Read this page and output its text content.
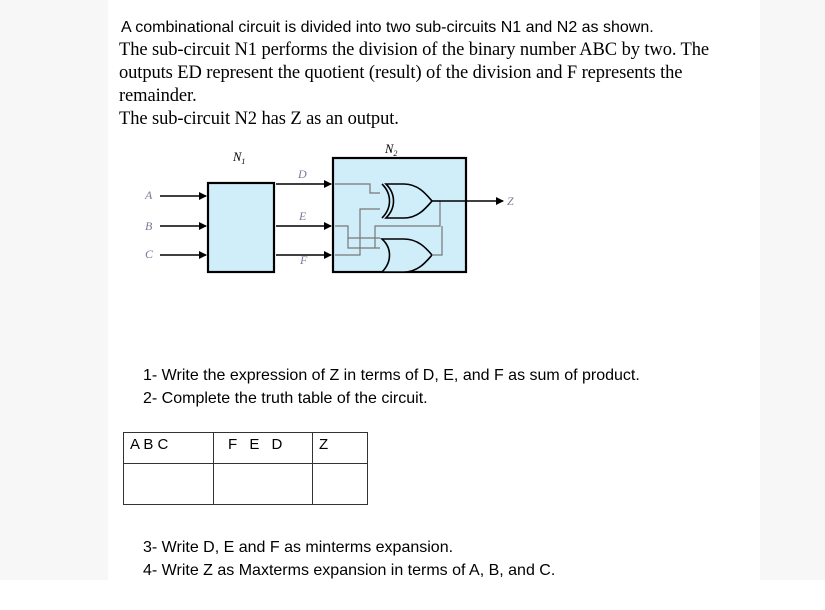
A combinational circuit is divided into two sub-circuits N1 and N2 as shown.
The sub-circuit N1 performs the division of the binary number ABC by two. The
outputs ED represent the quotient (result) of the division and F represents the
remainder.
The sub-circuit N2 has Z as an output.
$N_1$
$N_2$
A
B
C
D
E
F
Z
1- Write the expression of Z in terms of D, E, and F as sum of product.
2- Complete the truth table of the circuit.
A B C	F E D	Z

3- Write D, E and F as minterms expansion.
4- Write Z as Maxterms expansion in terms of A, B, and C.
